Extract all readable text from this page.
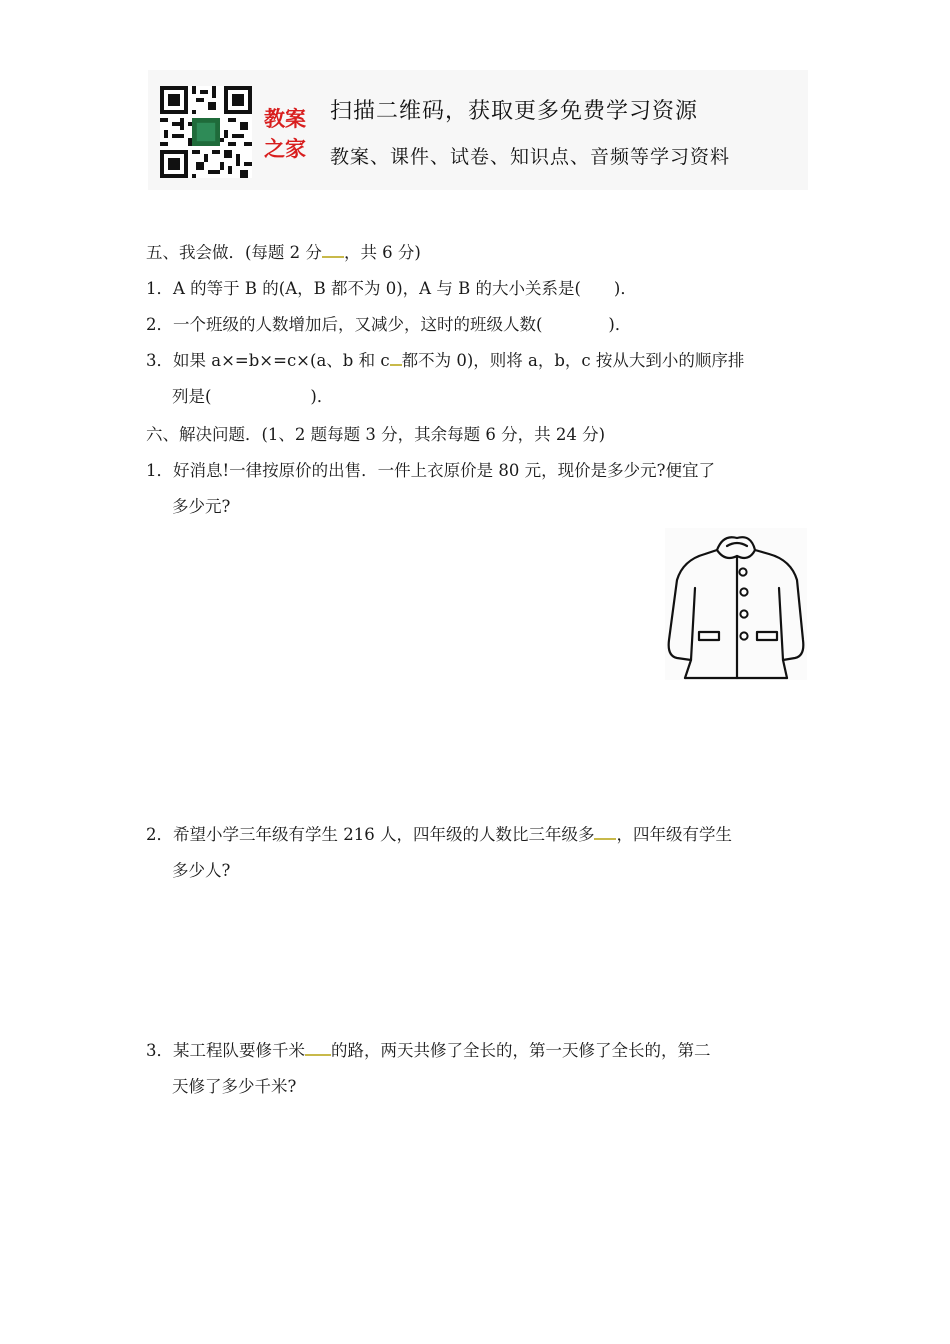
教案之家
扫描二维码，获取更多免费学习资源
教案、课件、试卷、知识点、音频等学习资料
五、我会做．(每题 2 分 ，共 6 分)
1．A 的等于 B 的(A，B 都不为 0)，A 与 B 的大小关系是(　　)．
2．一个班级的人数增加后，又减少，这时的班级人数(　　　　)．
3．如果 a×=b×=c×(a、b 和 c 都不为 0)，则将 a，b，c 按从大到小的顺序排
列是(　　　　　　)．
六、解决问题．(1、2 题每题 3 分，其余每题 6 分，共 24 分)
1．好消息!一律按原价的出售．一件上衣原价是 80 元，现价是多少元?便宜了
多少元?
2．希望小学三年级有学生 216 人，四年级的人数比三年级多 ，四年级有学生
多少人?
3．某工程队要修千米 的路，两天共修了全长的，第一天修了全长的，第二
天修了多少千米?
